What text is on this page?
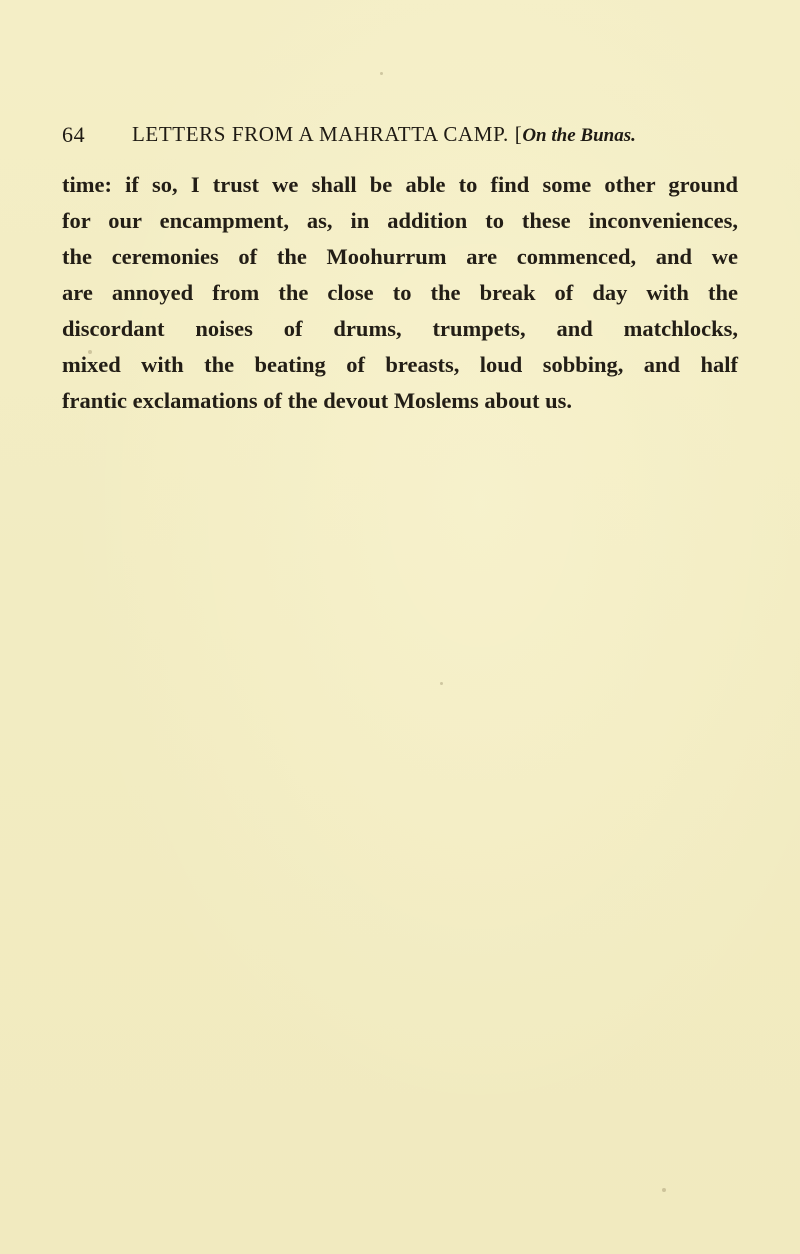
64 LETTERS FROM A MAHRATTA CAMP. [On the Bunas.
time: if so, I trust we shall be able to find some other ground
for our encampment, as, in addition to these inconveniences,
the ceremonies of the Moohurrum are commenced, and we
are annoyed from the close to the break of day with the
discordant noises of drums, trumpets, and matchlocks,
mixed with the beating of breasts, loud sobbing, and half
frantic exclamations of the devout Moslems about us.
